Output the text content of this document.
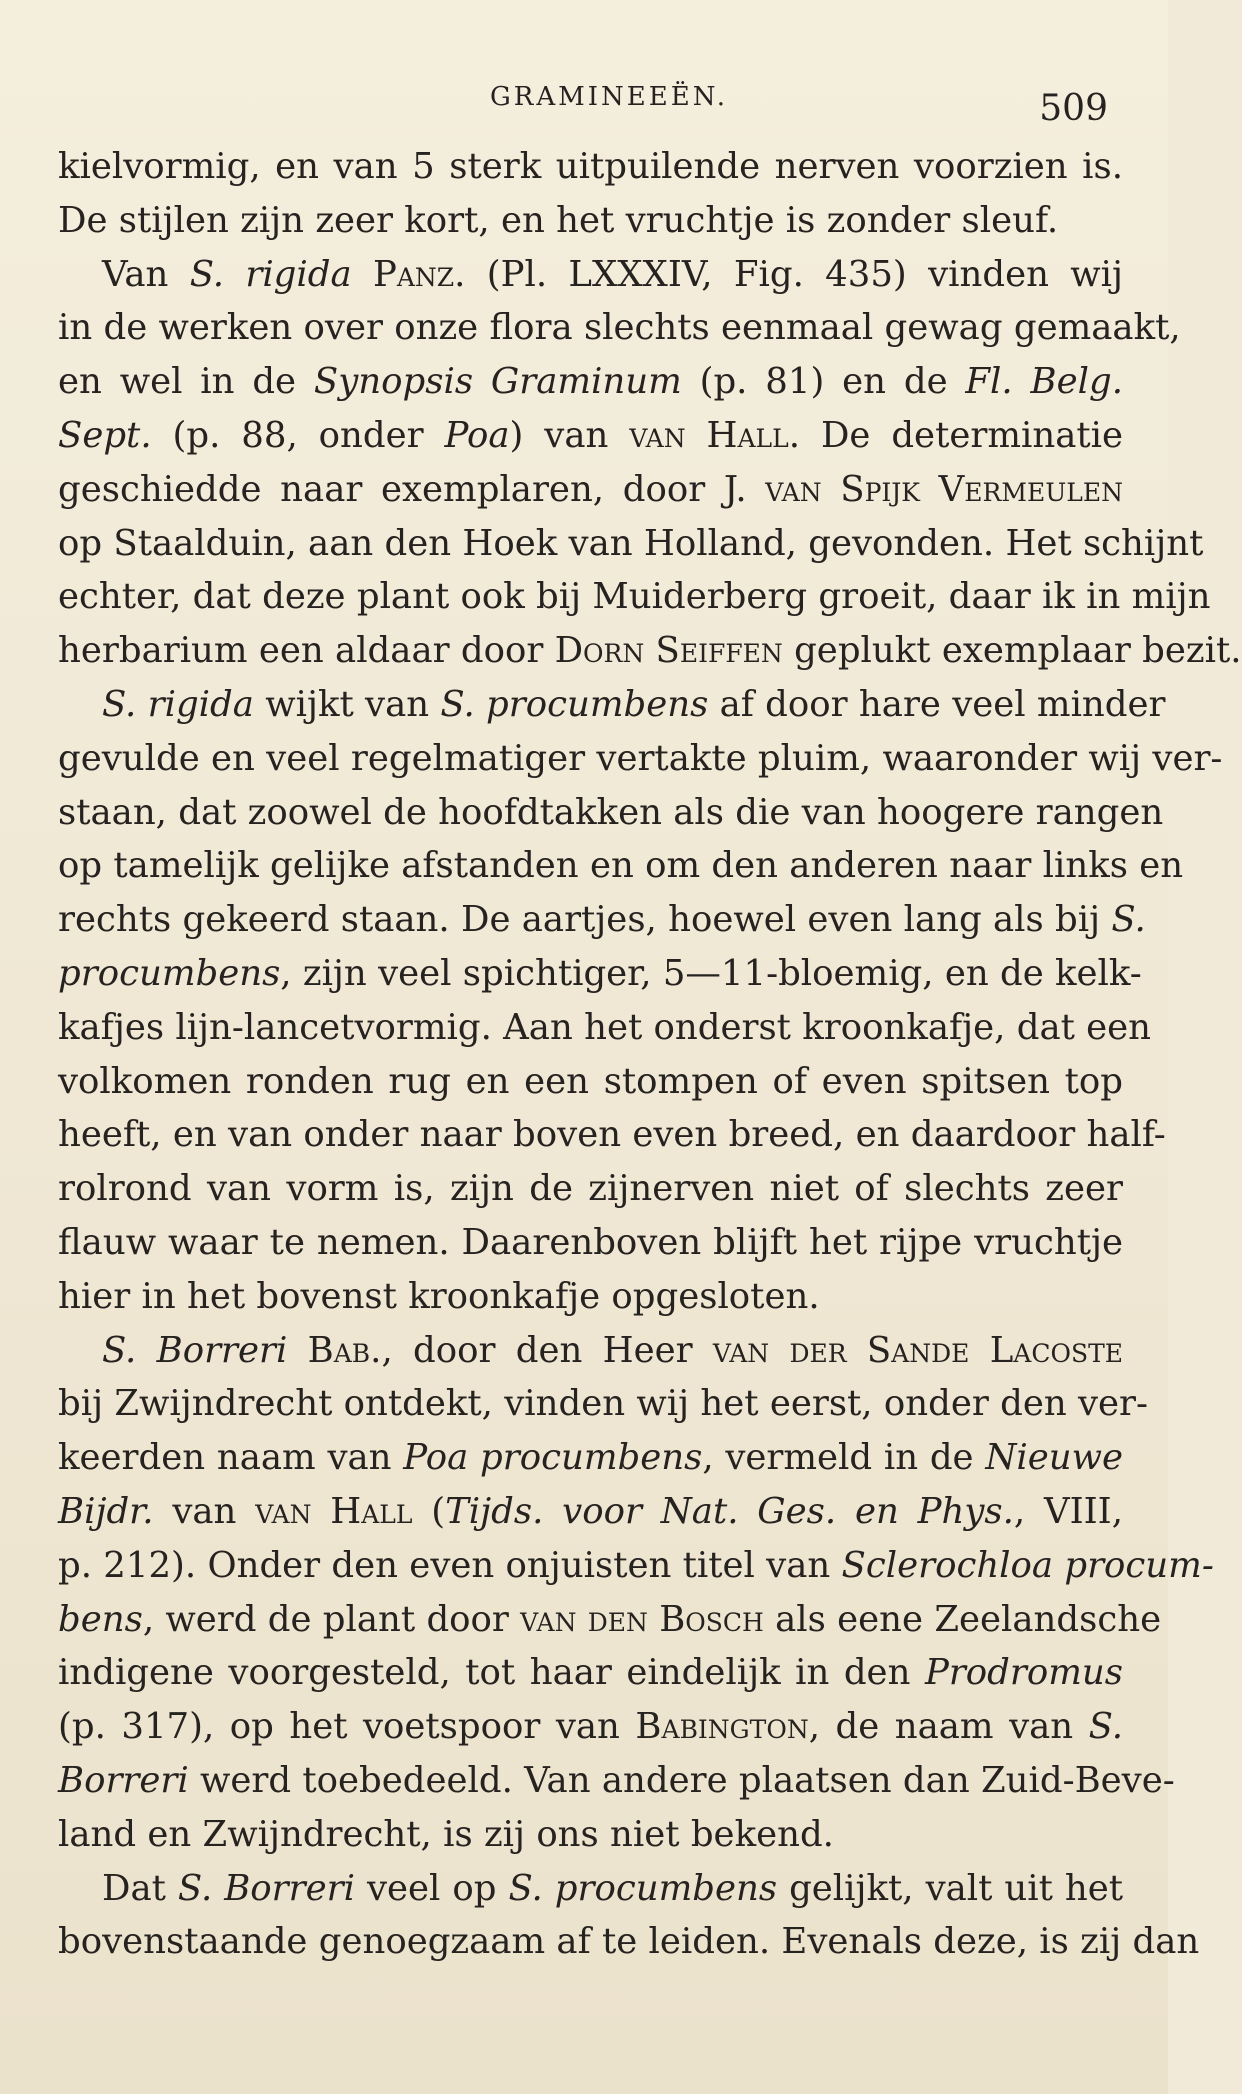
GRAMINEEËN.	509

kielvormig, en van 5 sterk uitpuilende nerven voorzien is.
De stijlen zijn zeer kort, en het vruchtje is zonder sleuf.

Van S. rigida Panz. (Pl. LXXXIV, Fig. 435) vinden wij
in de werken over onze flora slechts eenmaal gewag gemaakt,
en wel in de Synopsis Graminum (p. 81) en de Fl. Belg.
Sept. (p. 88, onder Poa) van van Hall. De determinatie
geschiedde naar exemplaren, door J. van Spijk Vermeulen
op Staalduin, aan den Hoek van Holland, gevonden. Het schijnt
echter, dat deze plant ook bij Muiderberg groeit, daar ik in mijn
herbarium een aldaar door Dorn Seiffen geplukt exemplaar bezit.

S. rigida wijkt van S. procumbens af door hare veel minder
gevulde en veel regelmatiger vertakte pluim, waaronder wij ver-
staan, dat zoowel de hoofdtakken als die van hoogere rangen
op tamelijk gelijke afstanden en om den anderen naar links en
rechts gekeerd staan. De aartjes, hoewel even lang als bij S.
procumbens, zijn veel spichtiger, 5—11-bloemig, en de kelk-
kafjes lijn-lancetvormig. Aan het onderst kroonkafje, dat een
volkomen ronden rug en een stompen of even spitsen top
heeft, en van onder naar boven even breed, en daardoor half-
rolrond van vorm is, zijn de zijnerven niet of slechts zeer
flauw waar te nemen. Daarenboven blijft het rijpe vruchtje
hier in het bovenst kroonkafje opgesloten.

S. Borreri Bab., door den Heer van der Sande Lacoste
bij Zwijndrecht ontdekt, vinden wij het eerst, onder den ver-
keerden naam van Poa procumbens, vermeld in de Nieuwe
Bijdr. van van Hall (Tijds. voor Nat. Ges. en Phys., VIII,
p. 212). Onder den even onjuisten titel van Sclerochloa procum-
bens, werd de plant door van den Bosch als eene Zeelandsche
indigene voorgesteld, tot haar eindelijk in den Prodromus
(p. 317), op het voetspoor van Babington, de naam van S.
Borreri werd toebedeeld. Van andere plaatsen dan Zuid-Beve-
land en Zwijndrecht, is zij ons niet bekend.

Dat S. Borreri veel op S. procumbens gelijkt, valt uit het
bovenstaande genoegzaam af te leiden. Evenals deze, is zij dan
